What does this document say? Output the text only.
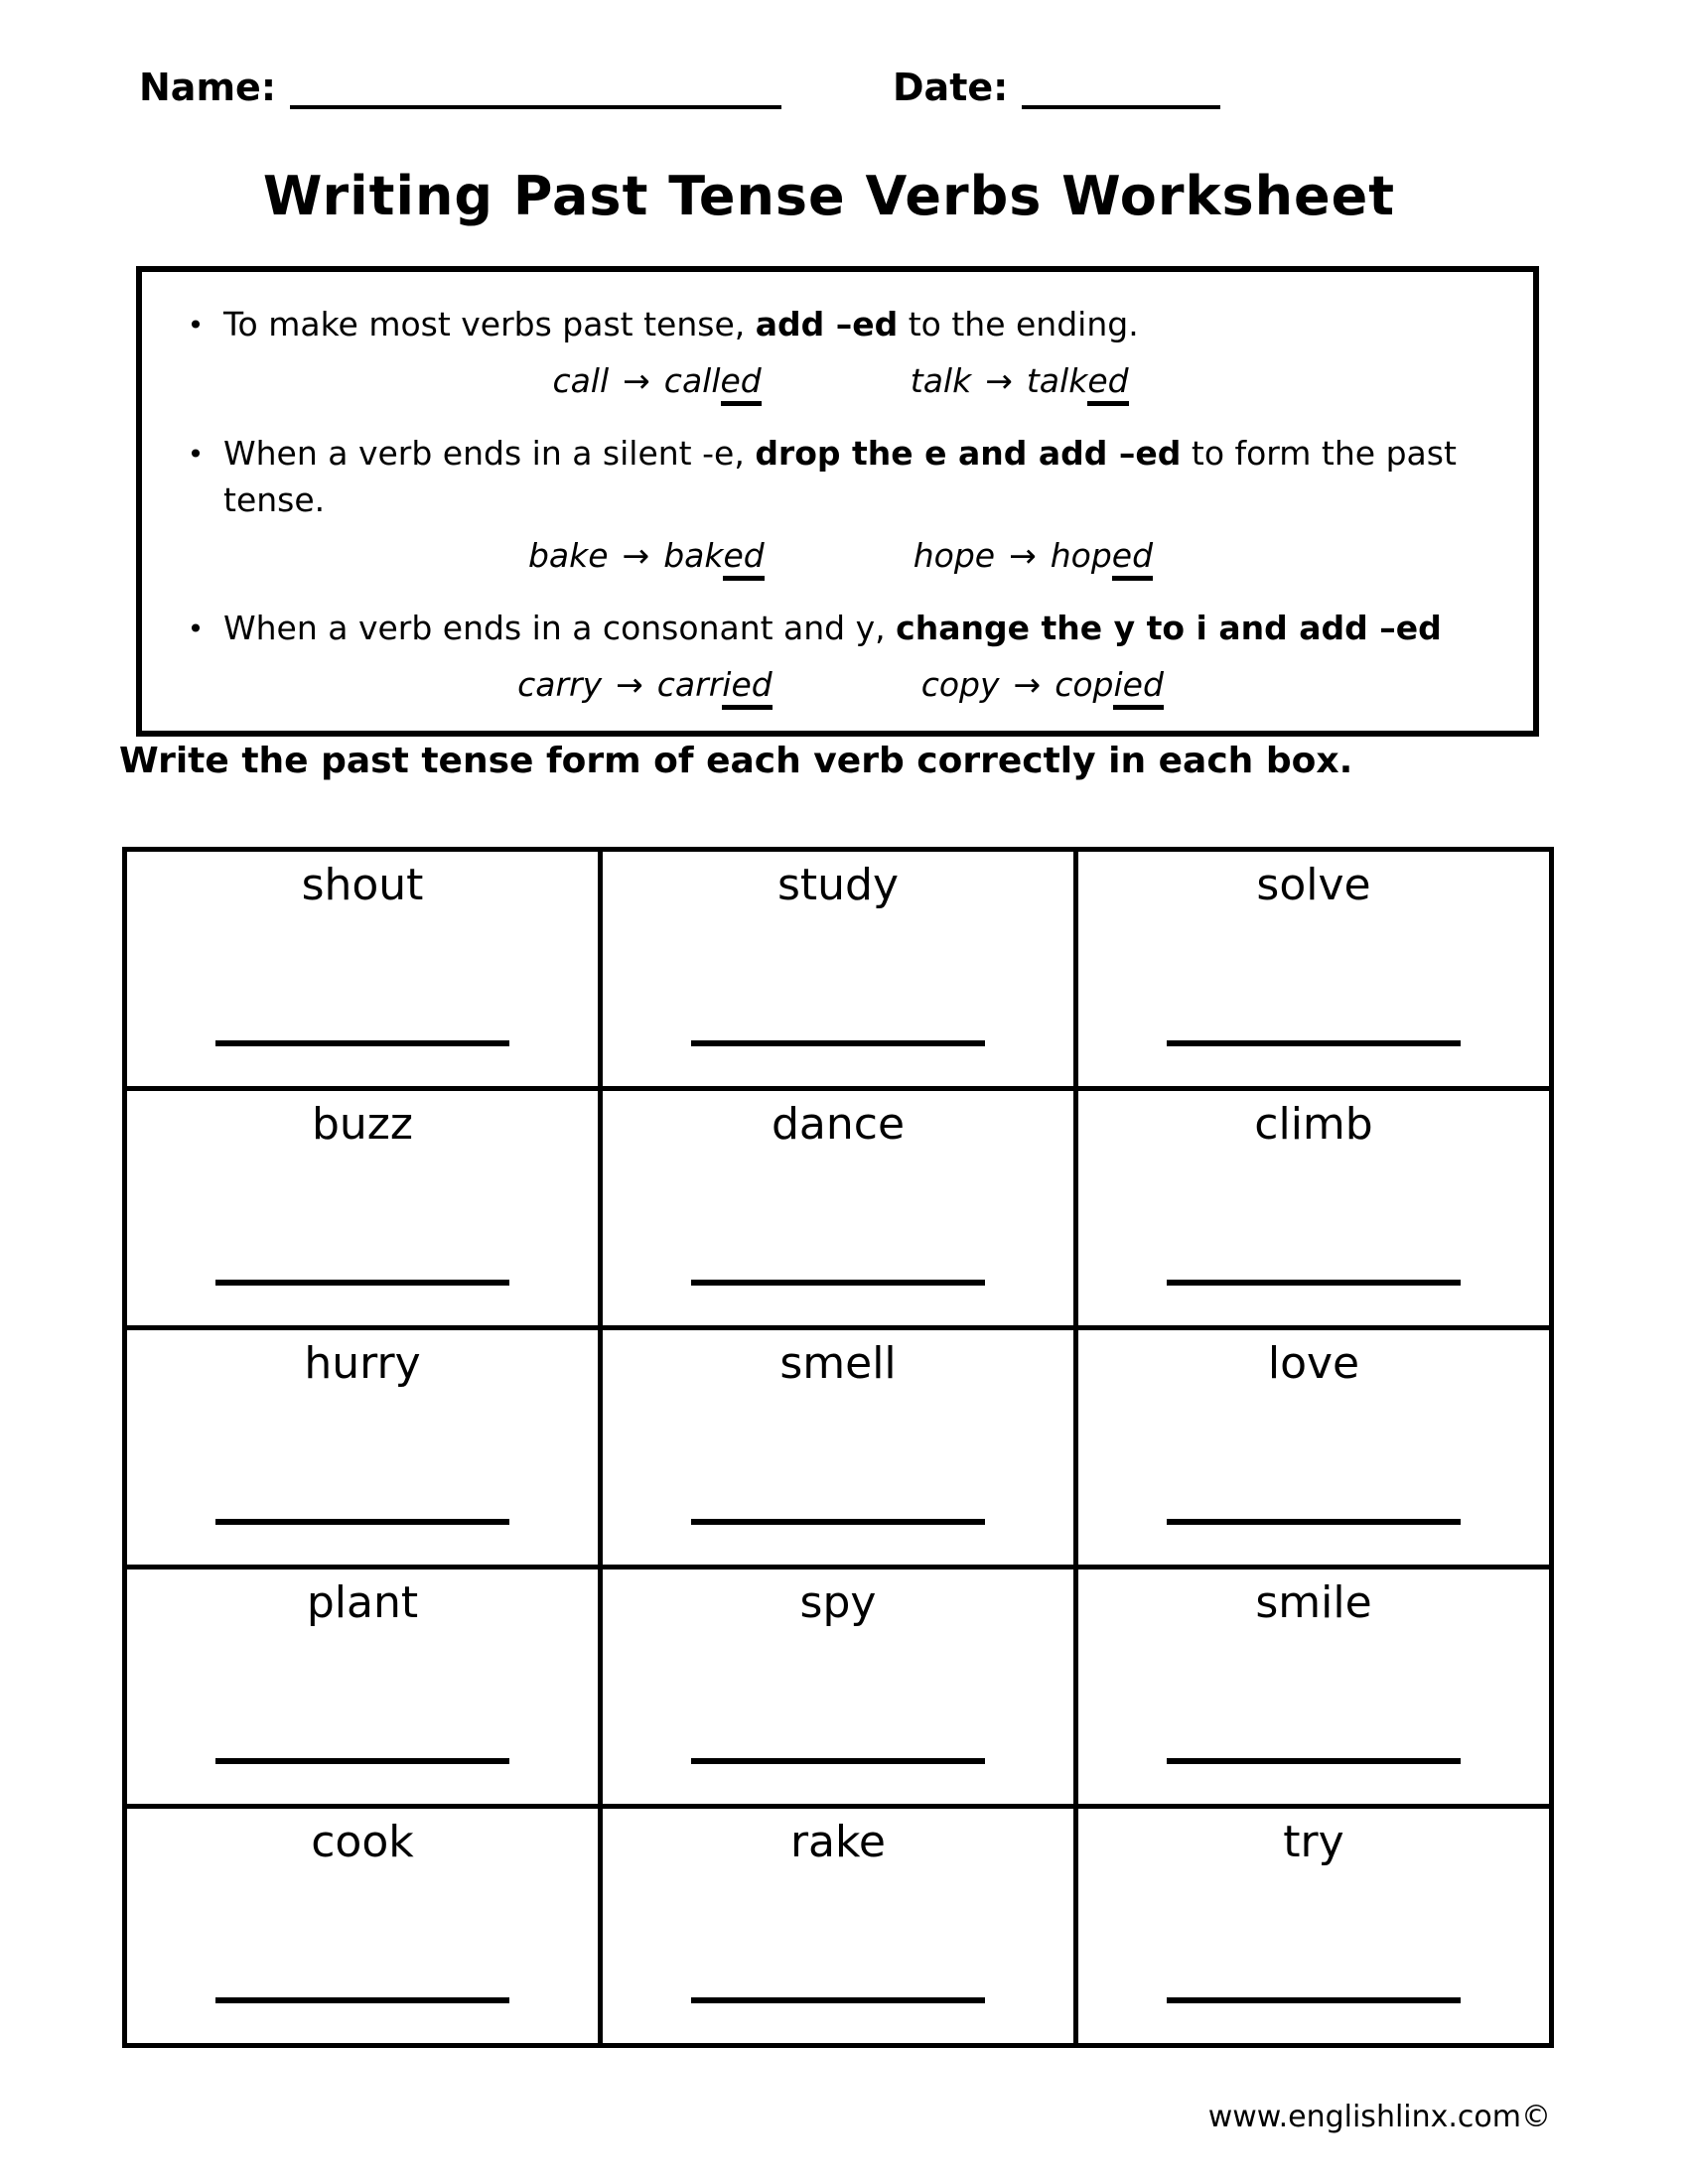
Name:	Date:
Writing Past Tense Verbs Worksheet
• To make most verbs past tense, add –ed to the ending.
call → called	talk → talked
• When a verb ends in a silent -e, drop the e and add –ed to form the past tense.
bake → baked	hope → hoped
• When a verb ends in a consonant and y, change the y to i and add –ed
carry → carried	copy → copied
Write the past tense form of each verb correctly in each box.
shout	study	solve

buzz	dance	climb

hurry	smell	love

plant	spy	smile

cook	rake	try
www.englishlinx.com©
